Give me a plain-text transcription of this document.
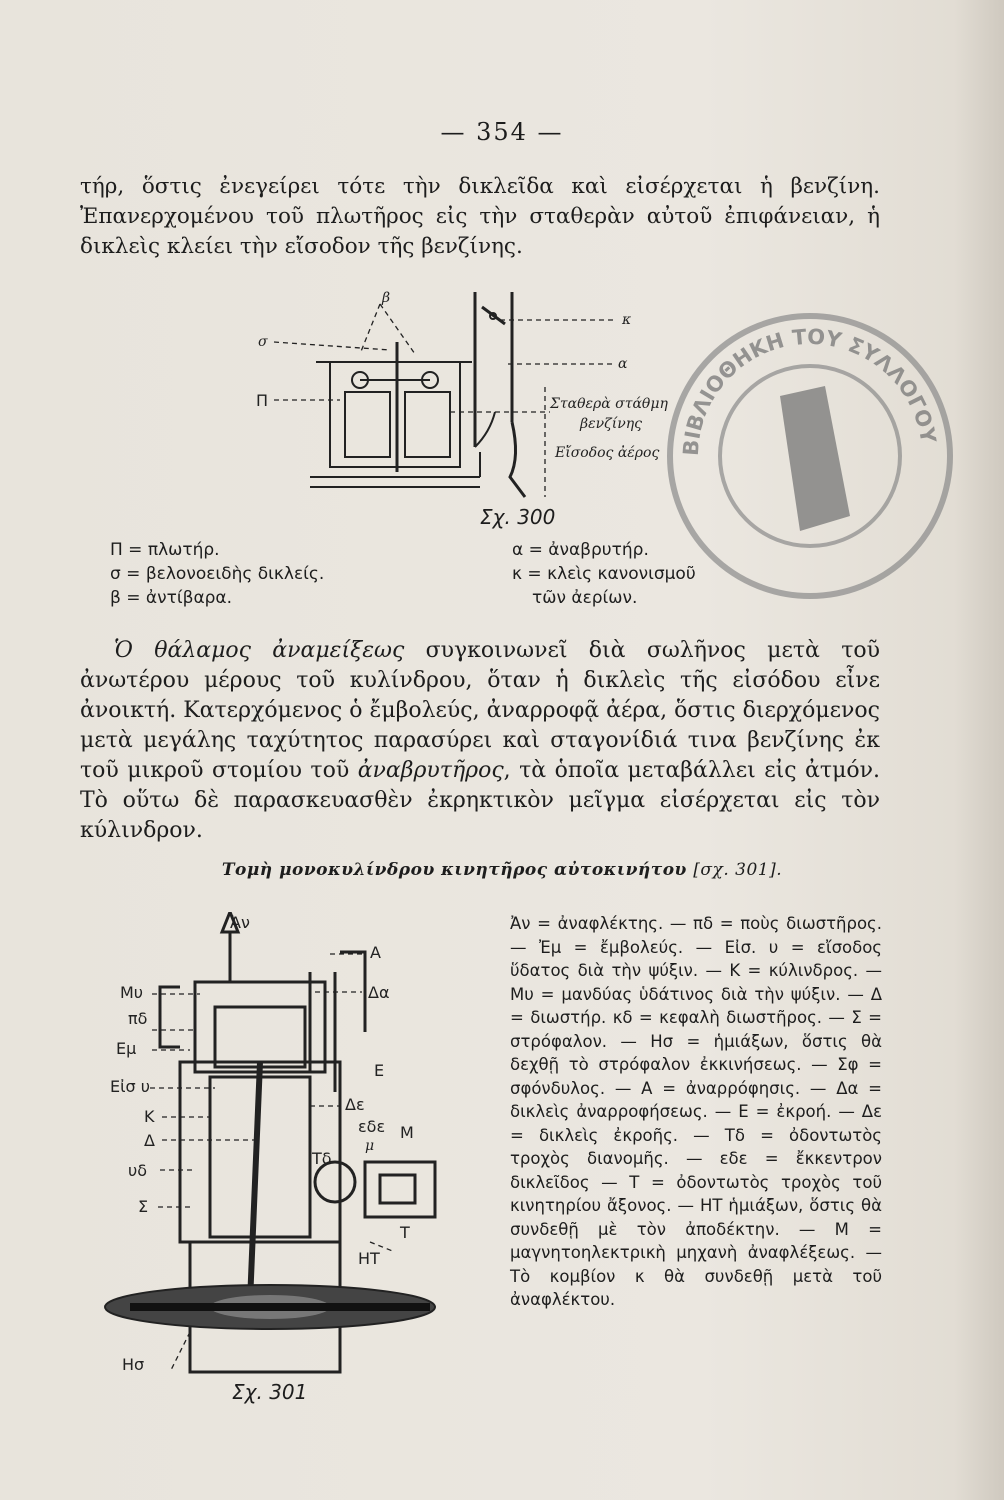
— 354 —

τήρ, ὅστις ἐνεγείρει τότε τὴν δικλεῖδα καὶ εἰσέρχεται ἡ βενζίνη. Ἐπανερχομένου τοῦ πλωτῆρος εἰς τὴν σταθερὰν αὐτοῦ ἐπιφάνειαν, ἡ δικλεὶς κλείει τὴν εἴσοδον τῆς βενζίνης.

σ
β
Π
κ
α
Σταθερὰ στάθμη
βενζίνης
Εἴσοδος ἀέρος
Σχ. 300
Π = πλωτήρ.
σ = βελονοειδὴς δικλείς.
β = ἀντίβαρα.
α = ἀναβρυτήρ.
κ = κλεὶς κανονισμοῦ
τῶν ἀερίων.
ΒΙΒΛΙΟΘΗΚΗ ΤΟΥ ΣΥΛΛΟΓΟΥ

Ὁ θάλαμος ἀναμείξεως συγκοινωνεῖ διὰ σωλῆνος μετὰ τοῦ ἀνωτέρου μέρους τοῦ κυλίνδρου, ὅταν ἡ δικλεὶς τῆς εἰσόδου εἶνε ἀνοικτή. Κατερχόμενος ὁ ἔμβολεύς, ἀναρροφᾷ ἀέρα, ὅστις διερχόμενος μετὰ μεγάλης ταχύτητος παρασύρει καὶ σταγονίδιά τινα βενζίνης ἐκ τοῦ μικροῦ στομίου τοῦ ἀναβρυτῆρος, τὰ ὁποῖα μεταβάλλει εἰς ἀτμόν. Τὸ οὕτω δὲ παρασκευασθὲν ἐκρηκτικὸν μεῖγμα εἰσέρχεται εἰς τὸν κύλινδρον.

Τομὴ μονοκυλίνδρου κινητῆρος αὐτοκινήτου [σχ. 301].
Ἀν
Α
Δα
Μυ
πδ
Εμ
Εἰσ υ
Ε
Δε
εδε
μ
Μ
Κ
Δ
υδ
Τδ
Σ
Τ
ΗΤ
Ησ
Σχ. 301
Ἀν = ἀναφλέκτης. — πδ = ποὺς διωστῆρος. — Ἐμ = ἔμβολεύς. — Εἰσ. υ = εἴσοδος ὕδατος διὰ τὴν ψύξιν. — Κ = κύλινδρος. — Μυ = μανδύας ὑδάτινος διὰ τὴν ψύξιν. — Δ = διωστήρ. κδ = κεφαλὴ διωστῆρος. — Σ = στρόφαλον. — Ησ = ἡμιάξων, ὅστις θὰ δεχθῇ τὸ στρόφαλον ἐκκινήσεως. — Σφ = σφόνδυλος. — Α = ἀναρρόφησις. — Δα = δικλεὶς ἀναρροφήσεως. — Ε = ἐκροή. — Δε = δικλεὶς ἐκροῆς. — Τδ = ὀδοντωτὸς τροχὸς διανομῆς. — εδε = ἔκκεντρον δικλεῖδος — Τ = ὀδοντωτὸς τροχὸς τοῦ κινητηρίου ἄξονος. — ΗΤ ἡμιάξων, ὅστις θὰ συνδεθῇ μὲ τὸν ἀποδέκτην. — Μ = μαγνητοηλεκτρικὴ μηχανὴ ἀναφλέξεως. — Τὸ κομβίον κ θὰ συνδεθῇ μετὰ τοῦ ἀναφλέκτου.
